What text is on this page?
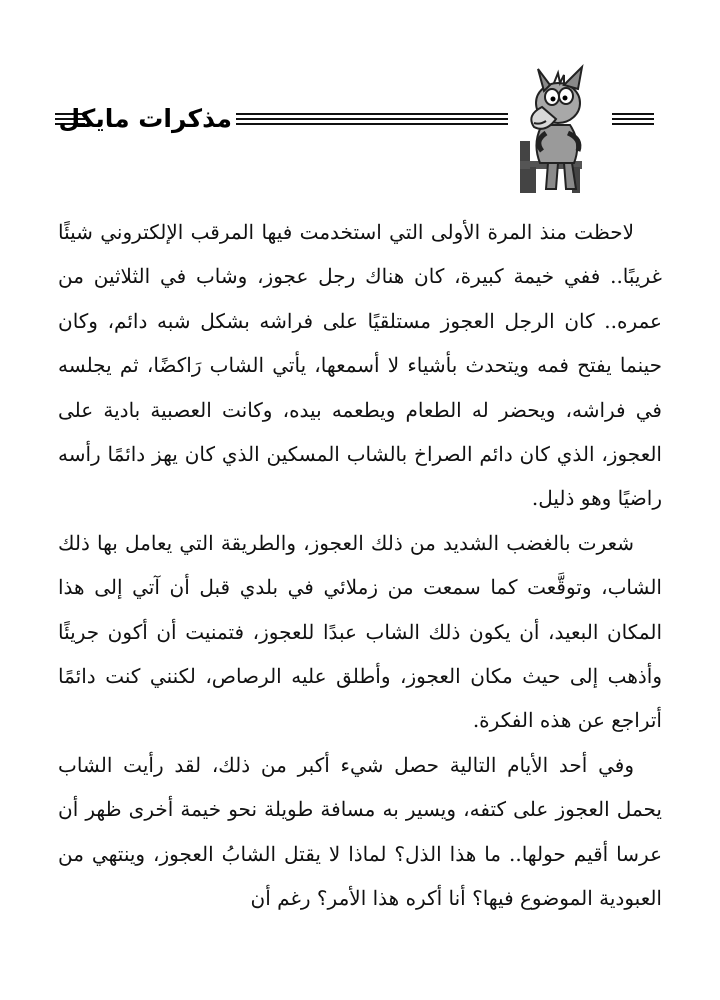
مذكرات مايكل

لاحظت منذ المرة الأولى التي استخدمت فيها المرقب الإلكتروني شيئًا غريبًا.. ففي خيمة كبيرة، كان هناك رجل عجوز، وشاب في الثلاثين من عمره.. كان الرجل العجوز مستلقيًا على فراشه بشكل شبه دائم، وكان حينما يفتح فمه ويتحدث بأشياء لا أسمعها، يأتي الشاب رَاكضًا، ثم يجلسه في فراشه، ويحضر له الطعام ويطعمه بيده، وكانت العصبية بادية على العجوز، الذي كان دائم الصراخ بالشاب المسكين الذي كان يهز دائمًا رأسه راضيًا وهو ذليل.

شعرت بالغضب الشديد من ذلك العجوز، والطريقة التي يعامل بها ذلك الشاب، وتوقَّعت كما سمعت من زملائي في بلدي قبل أن آتي إلى هذا المكان البعيد، أن يكون ذلك الشاب عبدًا للعجوز، فتمنيت أن أكون جريئًا وأذهب إلى حيث مكان العجوز، وأطلق عليه الرصاص، لكنني كنت دائمًا أتراجع عن هذه الفكرة.

وفي أحد الأيام التالية حصل شيء أكبر من ذلك، لقد رأيت الشاب يحمل العجوز على كتفه، ويسير به مسافة طويلة نحو خيمة أخرى ظهر أن عرسا أقيم حولها.. ما هذا الذل؟ لماذا لا يقتل الشابُ العجوز، وينتهي من العبودية الموضوع فيها؟ أنا أكره هذا الأمر؟ رغم أن
